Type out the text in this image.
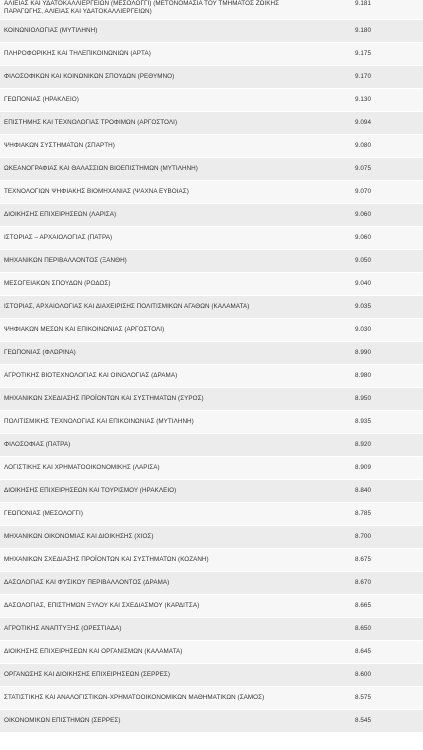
ΑΛΙΕΙΑΣ ΚΑΙ ΥΔΑΤΟΚΑΛΛΙΕΡΓΕΙΩΝ (ΜΕΣΟΛΟΓΓΙ) (ΜΕΤΟΝΟΜΑΣΙΑ ΤΟΥ ΤΜΗΜΑΤΟΣ ΖΩΙΚΗΣ
ΠΑΡΑΓΩΓΗΣ, ΑΛΙΕΙΑΣ ΚΑΙ ΥΔΑΤΟΚΑΛΛΙΕΡΓΕΙΩΝ)	9.181

ΚΟΙΝΩΝΙΟΛΟΓΙΑΣ (ΜΥΤΙΛΗΝΗ)	9.180

ΠΛΗΡΟΦΟΡΙΚΗΣ ΚΑΙ ΤΗΛΕΠΙΚΟΙΝΩΝΙΩΝ (ΑΡΤΑ)	9.175

ΦΙΛΟΣΟΦΙΚΩΝ ΚΑΙ ΚΟΙΝΩΝΙΚΩΝ ΣΠΟΥΔΩΝ (ΡΕΘΥΜΝΟ)	9.170

ΓΕΩΠΟΝΙΑΣ (ΗΡΑΚΛΕΙΟ)	9.130

ΕΠΙΣΤΗΜΗΣ ΚΑΙ ΤΕΧΝΟΛΟΓΙΑΣ ΤΡΟΦΙΜΩΝ (ΑΡΓΟΣΤΟΛΙ)	9.094

ΨΗΦΙΑΚΩΝ ΣΥΣΤΗΜΑΤΩΝ (ΣΠΑΡΤΗ)	9.080

ΩΚΕΑΝΟΓΡΑΦΙΑΣ ΚΑΙ ΘΑΛΑΣΣΙΩΝ ΒΙΟΕΠΙΣΤΗΜΩΝ (ΜΥΤΙΛΗΝΗ)	9.075

ΤΕΧΝΟΛΟΓΙΩΝ ΨΗΦΙΑΚΗΣ ΒΙΟΜΗΧΑΝΙΑΣ (ΨΑΧΝΑ ΕΥΒΟΙΑΣ)	9.070

ΔΙΟΙΚΗΣΗΣ ΕΠΙΧΕΙΡΗΣΕΩΝ (ΛΑΡΙΣΑ)	9.060

ΙΣΤΟΡΙΑΣ – ΑΡΧΑΙΟΛΟΓΙΑΣ (ΠΑΤΡΑ)	9.060

ΜΗΧΑΝΙΚΩΝ ΠΕΡΙΒΑΛΛΟΝΤΟΣ (ΞΑΝΘΗ)	9.050

ΜΕΣΟΓΕΙΑΚΩΝ ΣΠΟΥΔΩΝ (ΡΟΔΟΣ)	9.040

ΙΣΤΟΡΙΑΣ, ΑΡΧΑΙΟΛΟΓΙΑΣ ΚΑΙ ΔΙΑΧΕΙΡΙΣΗΣ ΠΟΛΙΤΙΣΜΙΚΩΝ ΑΓΑΘΩΝ (ΚΑΛΑΜΑΤΑ)	9.035

ΨΗΦΙΑΚΩΝ ΜΕΣΩΝ ΚΑΙ ΕΠΙΚΟΙΝΩΝΙΑΣ (ΑΡΓΟΣΤΟΛΙ)	9.030

ΓΕΩΠΟΝΙΑΣ (ΦΛΩΡΙΝΑ)	8.990

ΑΓΡΟΤΙΚΗΣ ΒΙΟΤΕΧΝΟΛΟΓΙΑΣ ΚΑΙ ΟΙΝΟΛΟΓΙΑΣ (ΔΡΑΜΑ)	8.980

ΜΗΧΑΝΙΚΩΝ ΣΧΕΔΙΑΣΗΣ ΠΡΟΪΟΝΤΩΝ ΚΑΙ ΣΥΣΤΗΜΑΤΩΝ (ΣΥΡΟΣ)	8.950

ΠΟΛΙΤΙΣΜΙΚΗΣ ΤΕΧΝΟΛΟΓΙΑΣ ΚΑΙ ΕΠΙΚΟΙΝΩΝΙΑΣ (ΜΥΤΙΛΗΝΗ)	8.935

ΦΙΛΟΣΟΦΙΑΣ (ΠΑΤΡΑ)	8.920

ΛΟΓΙΣΤΙΚΗΣ ΚΑΙ ΧΡΗΜΑΤΟΟΙΚΟΝΟΜΙΚΗΣ (ΛΑΡΙΣΑ)	8.909

ΔΙΟΙΚΗΣΗΣ ΕΠΙΧΕΙΡΗΣΕΩΝ ΚΑΙ ΤΟΥΡΙΣΜΟΥ (ΗΡΑΚΛΕΙΟ)	8.840

ΓΕΩΠΟΝΙΑΣ (ΜΕΣΟΛΟΓΓΙ)	8.785

ΜΗΧΑΝΙΚΩΝ ΟΙΚΟΝΟΜΙΑΣ ΚΑΙ ΔΙΟΙΚΗΣΗΣ (ΧΙΟΣ)	8.700

ΜΗΧΑΝΙΚΩΝ ΣΧΕΔΙΑΣΗΣ ΠΡΟΪΟΝΤΩΝ ΚΑΙ ΣΥΣΤΗΜΑΤΩΝ (ΚΟΖΑΝΗ)	8.675

ΔΑΣΟΛΟΓΙΑΣ ΚΑΙ ΦΥΣΙΚΟΥ ΠΕΡΙΒΑΛΛΟΝΤΟΣ (ΔΡΑΜΑ)	8.670

ΔΑΣΟΛΟΓΙΑΣ, ΕΠΙΣΤΗΜΩΝ ΞΥΛΟΥ ΚΑΙ ΣΧΕΔΙΑΣΜΟΥ (ΚΑΡΔΙΤΣΑ)	8.665

ΑΓΡΟΤΙΚΗΣ ΑΝΑΠΤΥΞΗΣ (ΟΡΕΣΤΙΑΔΑ)	8.650

ΔΙΟΙΚΗΣΗΣ ΕΠΙΧΕΙΡΗΣΕΩΝ ΚΑΙ ΟΡΓΑΝΙΣΜΩΝ (ΚΑΛΑΜΑΤΑ)	8.645

ΟΡΓΑΝΩΣΗΣ ΚΑΙ ΔΙΟΙΚΗΣΗΣ ΕΠΙΧΕΙΡΗΣΕΩΝ (ΣΕΡΡΕΣ)	8.600

ΣΤΑΤΙΣΤΙΚΗΣ ΚΑΙ ΑΝΑΛΟΓΙΣΤΙΚΩΝ-ΧΡΗΜΑΤΟΟΙΚΟΝΟΜΙΚΩΝ ΜΑΘΗΜΑΤΙΚΩΝ (ΣΑΜΟΣ)	8.575

ΟΙΚΟΝΟΜΙΚΩΝ ΕΠΙΣΤΗΜΩΝ (ΣΕΡΡΕΣ)	8.545
